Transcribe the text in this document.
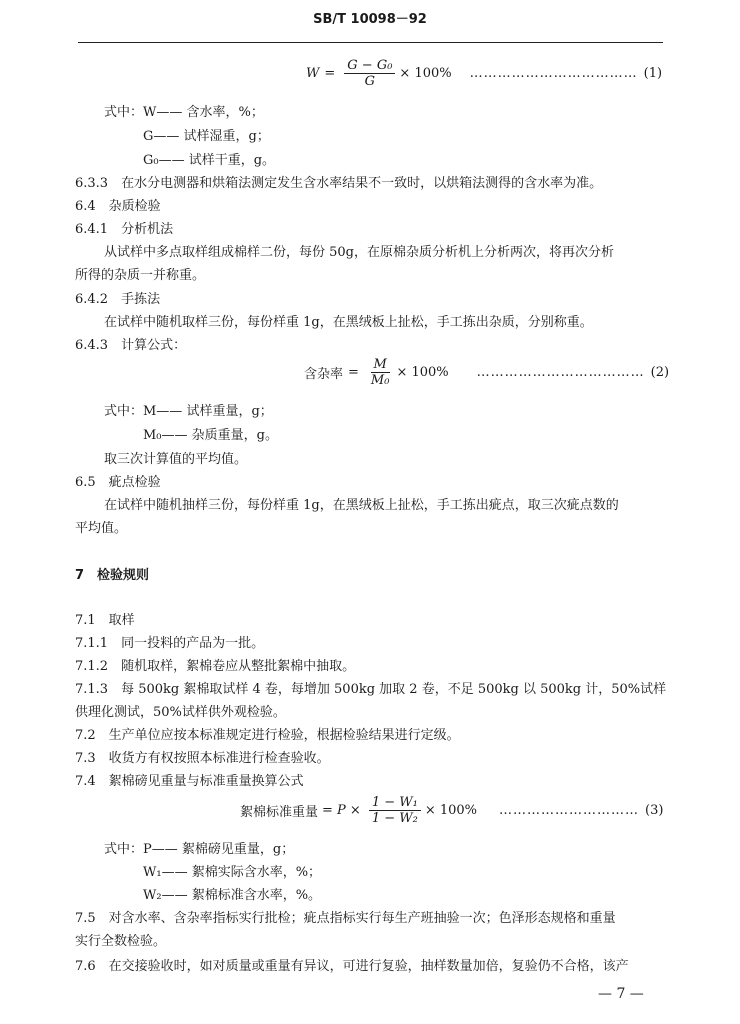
SB/T 10098－92
$W = \frac{\text{G − G₀}}{G} \times 100\%$ ……………………………… (1)
式中：W—— 含水率，%；
G—— 试样湿重，g；
G₀—— 试样干重，g。
6.3.3　在水分电测器和烘箱法测定发生含水率结果不一致时，以烘箱法测得的含水率为准。
6.4　杂质检验
6.4.1　分析机法
从试样中多点取样组成棉样二份，每份 50g，在原棉杂质分析机上分析两次，将再次分析
所得的杂质一并称重。
6.4.2　手拣法
在试样中随机取样三份，每份样重 1g，在黑绒板上扯松，手工拣出杂质，分别称重。
6.4.3　计算公式：
含杂率 = $\frac{M}{\text{M₀}} \times 100\%$ ……………………………… (2)
式中：M—— 试样重量，g；
M₀—— 杂质重量，g。
取三次计算值的平均值。
6.5　疵点检验
在试样中随机抽样三份，每份样重 1g，在黑绒板上扯松，手工拣出疵点，取三次疵点数的
平均值。
7　检验规则
7.1　取样
7.1.1　同一投料的产品为一批。
7.1.2　随机取样，絮棉卷应从整批絮棉中抽取。
7.1.3　每 500kg 絮棉取试样 4 卷，每增加 500kg 加取 2 卷，不足 500kg 以 500kg 计，50%试样
供理化测试，50%试样供外观检验。
7.2　生产单位应按本标准规定进行检验，根据检验结果进行定级。
7.3　收货方有权按照本标准进行检查验收。
7.4　絮棉磅见重量与标准重量换算公式
絮棉标准重量 = $P \times \frac{\text{1 − W₁}}{\text{1 − W₂}} \times 100\%$ ………………………… (3)
式中：P—— 絮棉磅见重量，g；
W₁—— 絮棉实际含水率，%；
W₂—— 絮棉标准含水率，%。
7.5　对含水率、含杂率指标实行批检；疵点指标实行每生产班抽验一次；色泽形态规格和重量
实行全数检验。
7.6　在交接验收时，如对质量或重量有异议，可进行复验，抽样数量加倍，复验仍不合格，该产
— 7 —
